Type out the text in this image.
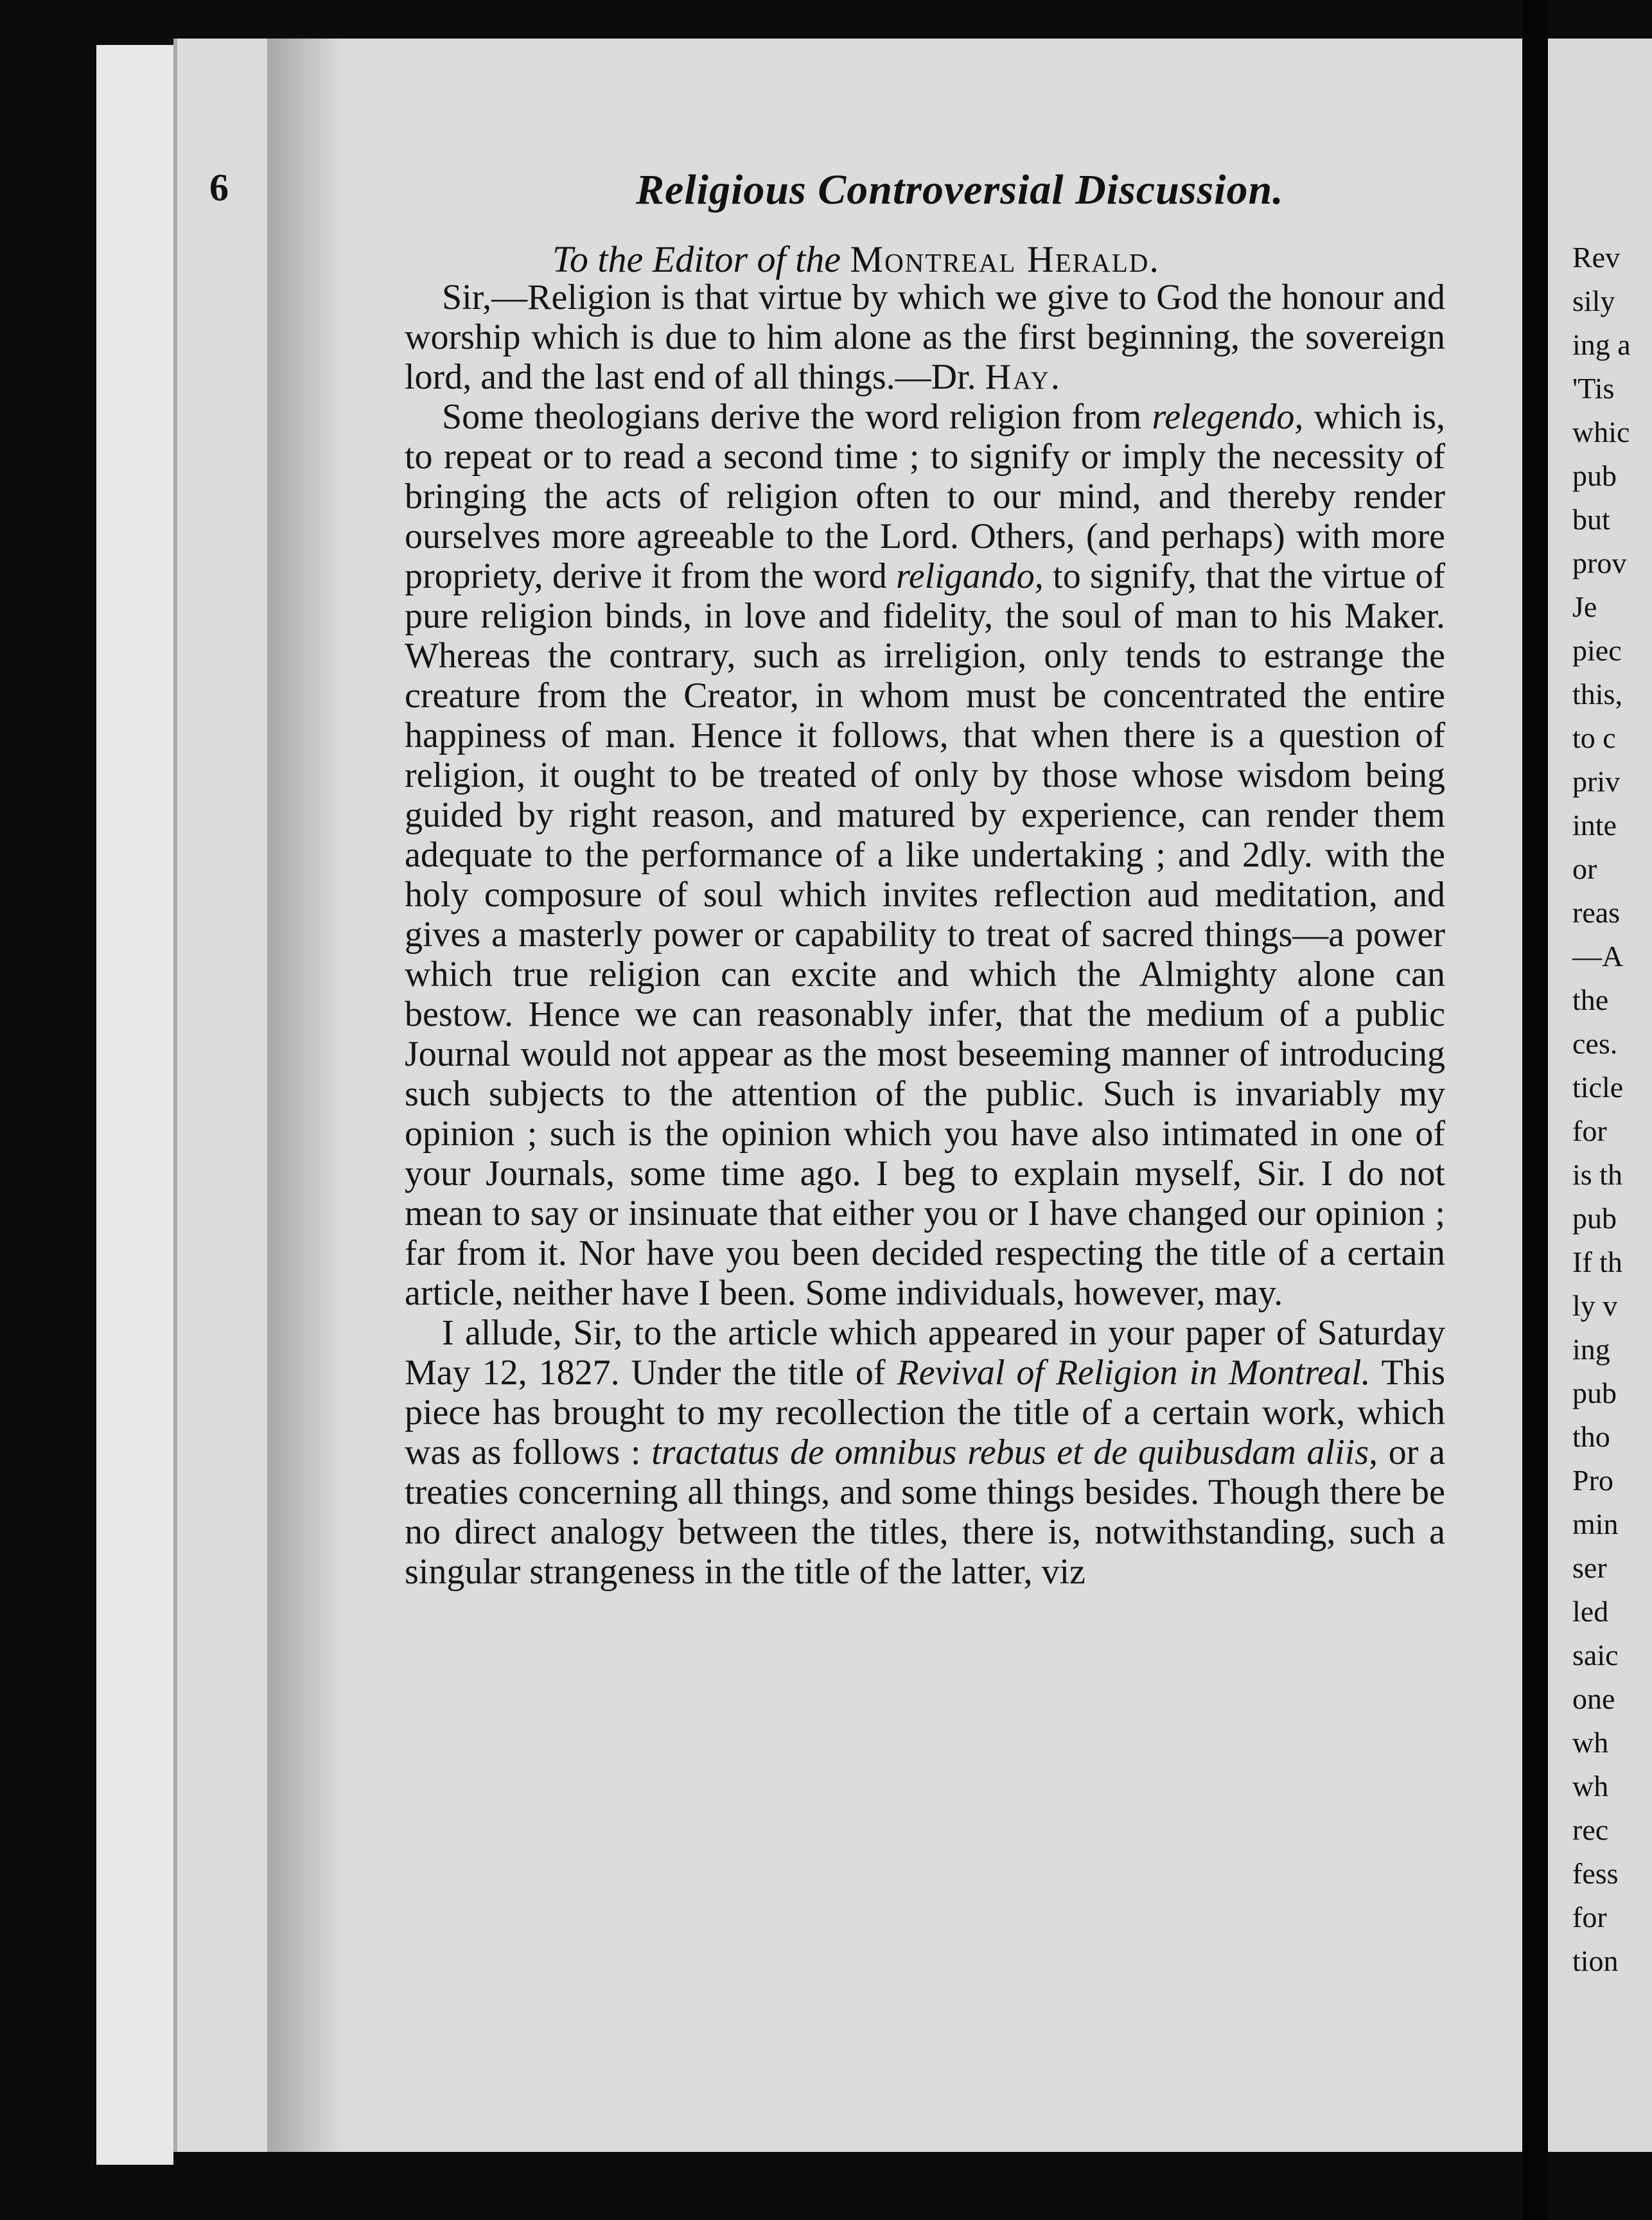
Rev
sily
ing a
'Tis
whic
pub
but
prov
Je
piec
this,
to c
priv
inte
or
reas
—A
the
ces.
ticle
for
is th
pub
If th
ly v
ing
pub
tho
Pro
min
ser
led
saic
one
wh
wh
rec
fess
for
tion
6	Religious Controversial Discussion.
To the Editor of the Montreal Herald.

Sir,—Religion is that virtue by which we give to God the honour and worship which is due to him alone as the first beginning, the sovereign lord, and the last end of all things.—Dr. Hay.

Some theologians derive the word religion from relegendo, which is, to repeat or to read a second time ; to signify or imply the necessity of bringing the acts of religion often to our mind, and thereby render ourselves more agreeable to the Lord. Others, (and perhaps) with more propriety, derive it from the word religando, to signify, that the virtue of pure religion binds, in love and fidelity, the soul of man to his Maker. Whereas the contrary, such as irreligion, only tends to estrange the creature from the Creator, in whom must be concentrated the entire happiness of man. Hence it follows, that when there is a question of religion, it ought to be treated of only by those whose wisdom being guided by right reason, and matured by experience, can render them adequate to the performance of a like undertaking ; and 2dly. with the holy composure of soul which invites reflection aud meditation, and gives a masterly power or capability to treat of sacred things—a power which true religion can excite and which the Almighty alone can bestow. Hence we can reasonably infer, that the medium of a public Journal would not appear as the most beseeming manner of introducing such subjects to the attention of the public. Such is invariably my opinion ; such is the opinion which you have also intimated in one of your Journals, some time ago. I beg to explain myself, Sir. I do not mean to say or insinuate that either you or I have changed our opinion ; far from it. Nor have you been decided respecting the title of a certain article, neither have I been. Some individuals, however, may.

I allude, Sir, to the article which appeared in your paper of Saturday May 12, 1827. Under the title of Revival of Religion in Montreal. This piece has brought to my recollection the title of a certain work, which was as follows : tractatus de omnibus rebus et de quibusdam aliis, or a treaties concerning all things, and some things besides. Though there be no direct analogy between the titles, there is, notwithstanding, such a singular strangeness in the title of the latter, viz
